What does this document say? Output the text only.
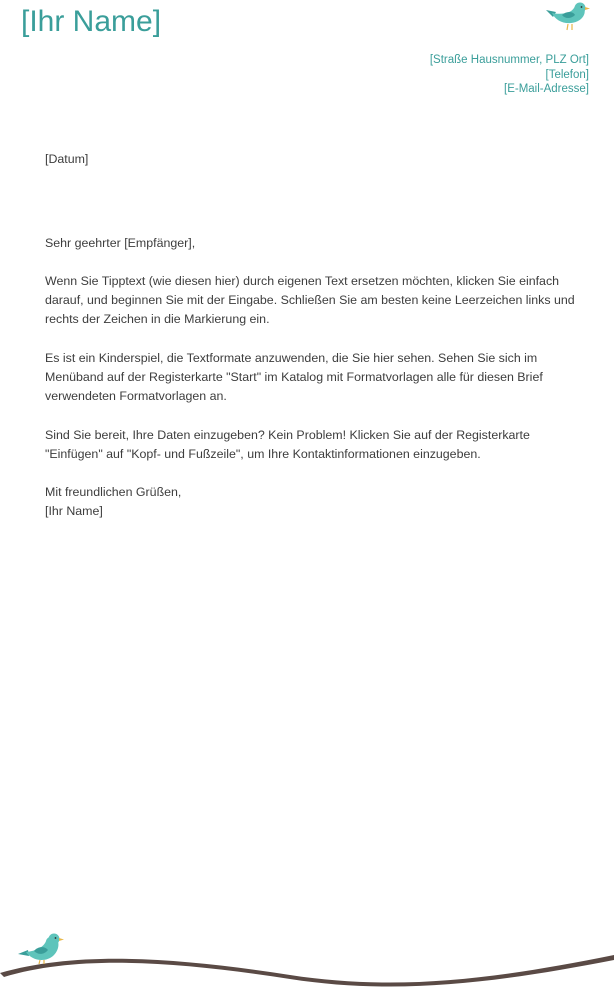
[Ihr Name]
[Straße Hausnummer, PLZ Ort]
[Telefon]
[E-Mail-Adresse]
[Datum]
Sehr geehrter [Empfänger],

Wenn Sie Tipptext (wie diesen hier) durch eigenen Text ersetzen möchten, klicken Sie einfach darauf, und beginnen Sie mit der Eingabe. Schließen Sie am besten keine Leerzeichen links und rechts der Zeichen in die Markierung ein.

Es ist ein Kinderspiel, die Textformate anzuwenden, die Sie hier sehen. Sehen Sie sich im Menüband auf der Registerkarte "Start" im Katalog mit Formatvorlagen alle für diesen Brief verwendeten Formatvorlagen an.

Sind Sie bereit, Ihre Daten einzugeben? Kein Problem! Klicken Sie auf der Registerkarte "Einfügen" auf "Kopf- und Fußzeile", um Ihre Kontaktinformationen einzugeben.

Mit freundlichen Grüßen,
[Ihr Name]
